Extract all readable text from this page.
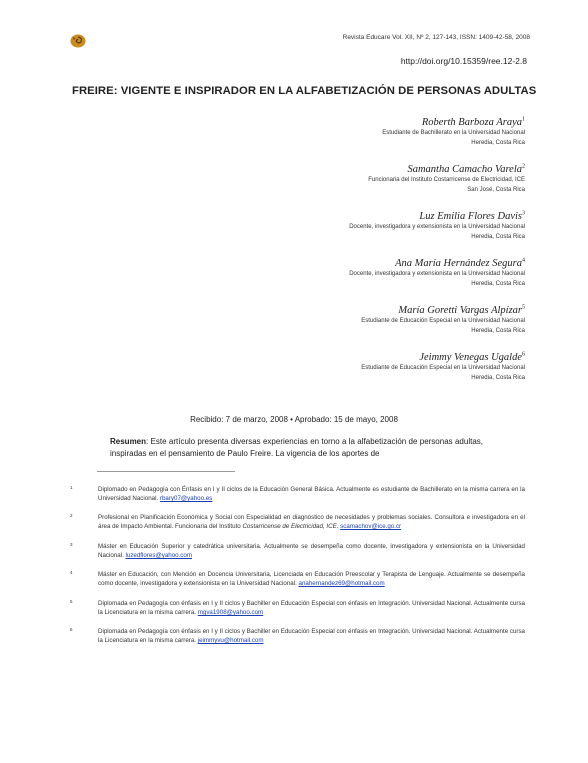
Revista Educare Vol. XII, Nº 2, 127-143, ISSN: 1409-42-58, 2008
http://doi.org/10.15359/ree.12-2.8
FREIRE: VIGENTE E INSPIRADOR EN LA ALFABETIZACIÓN DE PERSONAS ADULTAS
Roberth Barboza Araya$^1$
Estudiante de Bachillerato en la Universidad Nacional
Heredia, Costa Rica
Samantha Camacho Varela$^2$
Funcionaria del Instituto Costarricense de Electricidad, ICE
San José, Costa Rica
Luz Emilia Flores Davis$^3$
Docente, investigadora y extensionista en la Universidad Nacional
Heredia, Costa Rica
Ana María Hernández Segura$^4$
Docente, investigadora y extensionista en la Universidad Nacional
Heredia, Costa Rica
María Goretti Vargas Alpízar$^5$
Estudiante de Educación Especial en la Universidad Nacional
Heredia, Costa Rica
Jeimmy Venegas Ugalde$^6$
Estudiante de Educación Especial en la Universidad Nacional
Heredia, Costa Rica
Recibido: 7 de marzo, 2008 • Aprobado: 15 de mayo, 2008
Resumen: Este artículo presenta diversas experiencias en torno a la alfabetización de personas adultas, inspiradas en el pensamiento de Paulo Freire. La vigencia de los aportes de
1	Diplomado en Pedagogía con Énfasis en I y II ciclos de la Educación General Básica. Actualmente es estudiante de Bachillerato en la misma carrera en la Universidad Nacional. rbary07@yahoo.es
2	Profesional en Planificación Económica y Social con Especialidad en diagnóstico de necesidades y problemas sociales. Consultora e investigadora en el área de Impacto Ambiental. Funcionaria del Instituto Costarricense de Electricidad, ICE. scamachov@ice.go.cr
3	Máster en Educación Superior y catedrática universitaria. Actualmente se desempeña como docente, investigadora y extensionista en la Universidad Nacional. luzedflores@yahoo.com
4	Máster en Educación, con Mención en Docencia Universitaria, Licenciada en Educación Preescolar y Terapista de Lenguaje. Actualmente se desempeña como docente, investigadora y extensionista en la Universidad Nacional. anahernandez69@hotmail.com
5	Diplomada en Pedagogía con énfasis en I y II ciclos y Bachiller en Educación Especial con énfasis en Integración. Universidad Nacional. Actualmente cursa la Licenciatura en la misma carrera. mgva1908@yahoo.com
6	Diplomada en Pedagogía con énfasis en I y II ciclos y Bachiller en Educación Especial con énfasis en Integración. Universidad Nacional. Actualmente cursa la Licenciatura en la misma carrera. jeimmyvu@hotmail.com
